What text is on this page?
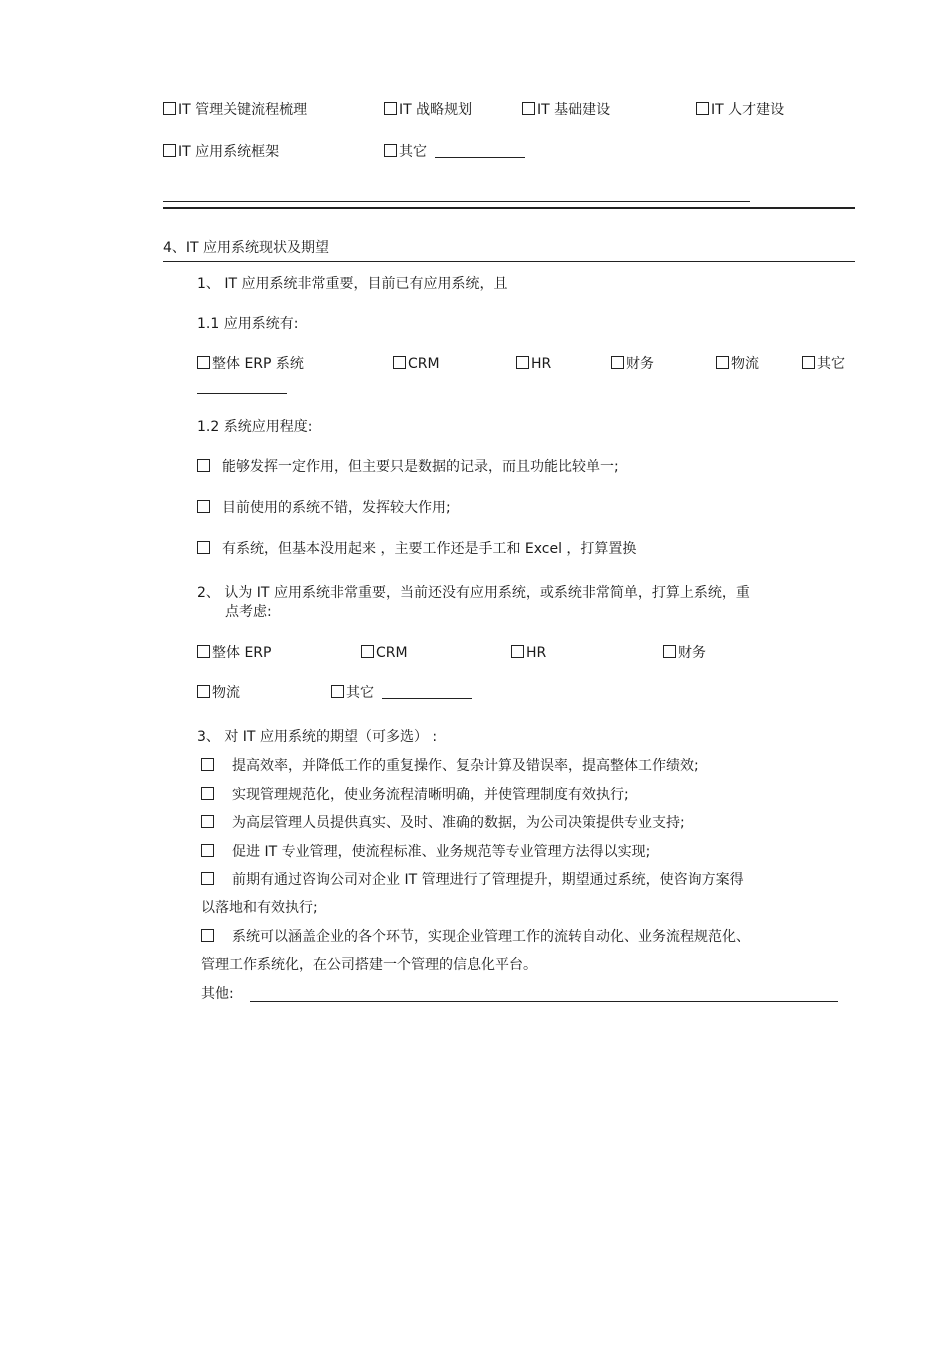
IT 管理关键流程梳理	IT 战略规划	IT 基础建设	IT 人才建设
IT 应用系统框架	其它
4、IT 应用系统现状及期望
1、 IT 应用系统非常重要，目前已有应用系统，且
1.1 应用系统有:
整体 ERP 系统	CRM	HR	财务	物流	其它
1.2 系统应用程度:
能够发挥一定作用，但主要只是数据的记录，而且功能比较单一;
目前使用的系统不错，发挥较大作用;
有系统，但基本没用起来 ，主要工作还是手工和 Excel ，打算置换
2、 认为 IT 应用系统非常重要，当前还没有应用系统，或系统非常简单，打算上系统，重
点考虑:
整体 ERP	CRM	HR	财务
物流	其它
3、 对 IT 应用系统的期望（可多选） :
提高效率，并降低工作的重复操作、复杂计算及错误率，提高整体工作绩效;
实现管理规范化，使业务流程清晰明确，并使管理制度有效执行;
为高层管理人员提供真实、及时、准确的数据，为公司决策提供专业支持;
促进 IT 专业管理，使流程标准、业务规范等专业管理方法得以实现;
前期有通过咨询公司对企业 IT 管理进行了管理提升，期望通过系统，使咨询方案得
以落地和有效执行;
系统可以涵盖企业的各个环节，实现企业管理工作的流转自动化、业务流程规范化、
管理工作系统化，在公司搭建一个管理的信息化平台。
其他:
